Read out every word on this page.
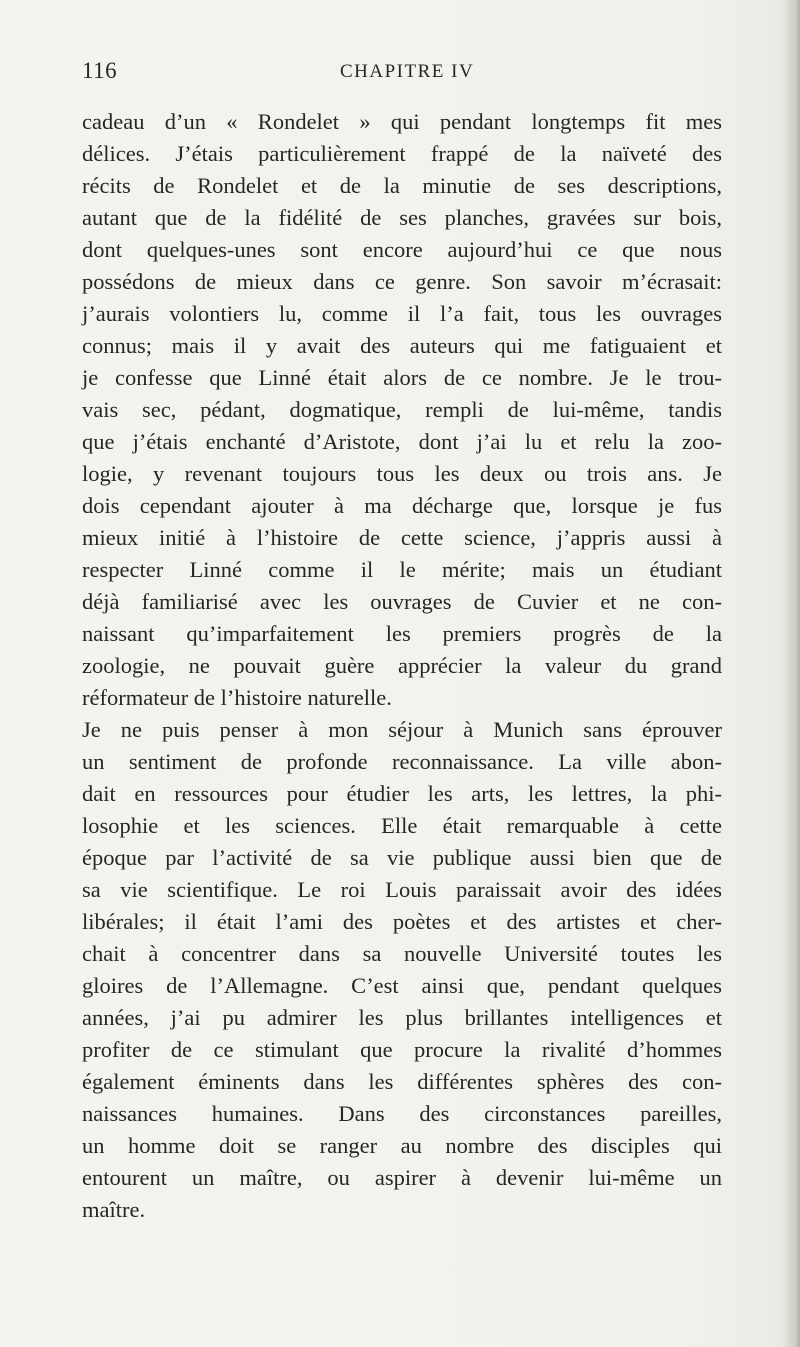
116	CHAPITRE IV
cadeau d’un « Rondelet » qui pendant longtemps fit mes
délices. J’étais particulièrement frappé de la naïveté des
récits de Rondelet et de la minutie de ses descriptions,
autant que de la fidélité de ses planches, gravées sur bois,
dont quelques-unes sont encore aujourd’hui ce que nous
possédons de mieux dans ce genre. Son savoir m’écrasait:
j’aurais volontiers lu, comme il l’a fait, tous les ouvrages
connus; mais il y avait des auteurs qui me fatiguaient et
je confesse que Linné était alors de ce nombre. Je le trou-
vais sec, pédant, dogmatique, rempli de lui-même, tandis
que j’étais enchanté d’Aristote, dont j’ai lu et relu la zoo-
logie, y revenant toujours tous les deux ou trois ans. Je
dois cependant ajouter à ma décharge que, lorsque je fus
mieux initié à l’histoire de cette science, j’appris aussi à
respecter Linné comme il le mérite; mais un étudiant
déjà familiarisé avec les ouvrages de Cuvier et ne con-
naissant qu’imparfaitement les premiers progrès de la
zoologie, ne pouvait guère apprécier la valeur du grand
réformateur de l’histoire naturelle.
Je ne puis penser à mon séjour à Munich sans éprouver
un sentiment de profonde reconnaissance. La ville abon-
dait en ressources pour étudier les arts, les lettres, la phi-
losophie et les sciences. Elle était remarquable à cette
époque par l’activité de sa vie publique aussi bien que de
sa vie scientifique. Le roi Louis paraissait avoir des idées
libérales; il était l’ami des poètes et des artistes et cher-
chait à concentrer dans sa nouvelle Université toutes les
gloires de l’Allemagne. C’est ainsi que, pendant quelques
années, j’ai pu admirer les plus brillantes intelligences et
profiter de ce stimulant que procure la rivalité d’hommes
également éminents dans les différentes sphères des con-
naissances humaines. Dans des circonstances pareilles,
un homme doit se ranger au nombre des disciples qui
entourent un maître, ou aspirer à devenir lui-même un
maître.
